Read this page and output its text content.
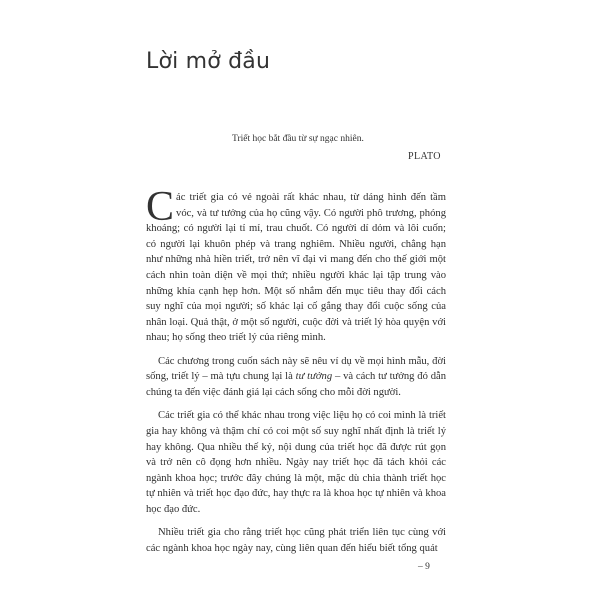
Lời mở đầu
Triết học bắt đầu từ sự ngạc nhiên.
PLATO

Các triết gia có vẻ ngoài rất khác nhau, từ dáng hình đến tầm vóc, và tư tưởng của họ cũng vậy. Có người phô trương, phóng khoáng; có người lại tỉ mỉ, trau chuốt. Có người dí dỏm và lôi cuốn; có người lại khuôn phép và trang nghiêm. Nhiều người, chẳng hạn như những nhà hiền triết, trở nên vĩ đại vì mang đến cho thế giới một cách nhìn toàn diện về mọi thứ; nhiều người khác lại tập trung vào những khía cạnh hẹp hơn. Một số nhắm đến mục tiêu thay đổi cách suy nghĩ của mọi người; số khác lại cố gắng thay đổi cuộc sống của nhân loại. Quả thật, ở một số người, cuộc đời và triết lý hòa quyện với nhau; họ sống theo triết lý của riêng mình.

Các chương trong cuốn sách này sẽ nêu ví dụ về mọi hình mẫu, đời sống, triết lý – mà tựu chung lại là tư tưởng – và cách tư tưởng đó dẫn chúng ta đến việc đánh giá lại cách sống cho mỗi đời người.

Các triết gia có thể khác nhau trong việc liệu họ có coi mình là triết gia hay không và thậm chí có coi một số suy nghĩ nhất định là triết lý hay không. Qua nhiều thế kỷ, nội dung của triết học đã được rút gọn và trở nên cô đọng hơn nhiều. Ngày nay triết học đã tách khỏi các ngành khoa học; trước đây chúng là một, mặc dù chia thành triết học tự nhiên và triết học đạo đức, hay thực ra là khoa học tự nhiên và khoa học đạo đức.

Nhiều triết gia cho rằng triết học cũng phát triển liên tục cùng với các ngành khoa học ngày nay, cùng liên quan đến hiểu biết tổng quát

– 9
